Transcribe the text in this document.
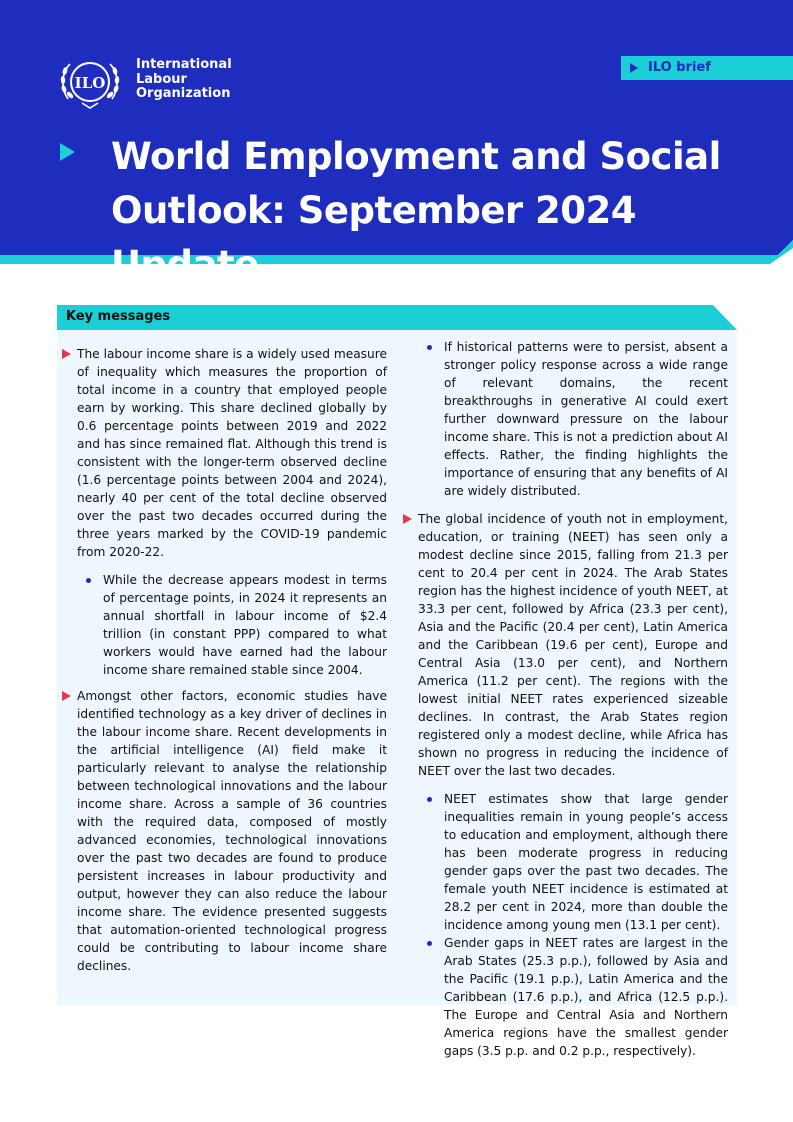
ILO
International
Labour
Organization
ILO brief
World Employment and Social
Outlook: September 2024 Update
Key messages

The labour income share is a widely used measure of inequality which measures the proportion of total income in a country that employed people earn by working. This share declined globally by 0.6 percentage points between 2019 and 2022 and has since remained flat. Although this trend is consistent with the longer-term observed decline (1.6 percentage points between 2004 and 2024), nearly 40 per cent of the total decline observed over the past two decades occurred during the three years marked by the COVID-19 pandemic from 2020-22.

While the decrease appears modest in terms of percentage points, in 2024 it represents an annual shortfall in labour income of $2.4 trillion (in constant PPP) compared to what workers would have earned had the labour income share remained stable since 2004.

Amongst other factors, economic studies have identified technology as a key driver of declines in the labour income share. Recent developments in the artificial intelligence (AI) field make it particularly relevant to analyse the relationship between technological innovations and the labour income share. Across a sample of 36 countries with the required data, composed of mostly advanced economies, technological innovations over the past two decades are found to produce persistent increases in labour productivity and output, however they can also reduce the labour income share. The evidence presented suggests that automation-oriented technological progress could be contributing to labour income share declines.

If historical patterns were to persist, absent a stronger policy response across a wide range of relevant domains, the recent breakthroughs in generative AI could exert further downward pressure on the labour income share. This is not a prediction about AI effects. Rather, the finding highlights the importance of ensuring that any benefits of AI are widely distributed.

The global incidence of youth not in employment, education, or training (NEET) has seen only a modest decline since 2015, falling from 21.3 per cent to 20.4 per cent in 2024. The Arab States region has the highest incidence of youth NEET, at 33.3 per cent, followed by Africa (23.3 per cent), Asia and the Pacific (20.4 per cent), Latin America and the Caribbean (19.6 per cent), Europe and Central Asia (13.0 per cent), and Northern America (11.2 per cent). The regions with the lowest initial NEET rates experienced sizeable declines. In contrast, the Arab States region registered only a modest decline, while Africa has shown no progress in reducing the incidence of NEET over the last two decades.

NEET estimates show that large gender inequalities remain in young people’s access to education and employment, although there has been moderate progress in reducing gender gaps over the past two decades. The female youth NEET incidence is estimated at 28.2 per cent in 2024, more than double the incidence among young men (13.1 per cent).

Gender gaps in NEET rates are largest in the Arab States (25.3 p.p.), followed by Asia and the Pacific (19.1 p.p.), Latin America and the Caribbean (17.6 p.p.), and Africa (12.5 p.p.). The Europe and Central Asia and Northern America regions have the smallest gender gaps (3.5 p.p. and 0.2 p.p., respectively).
